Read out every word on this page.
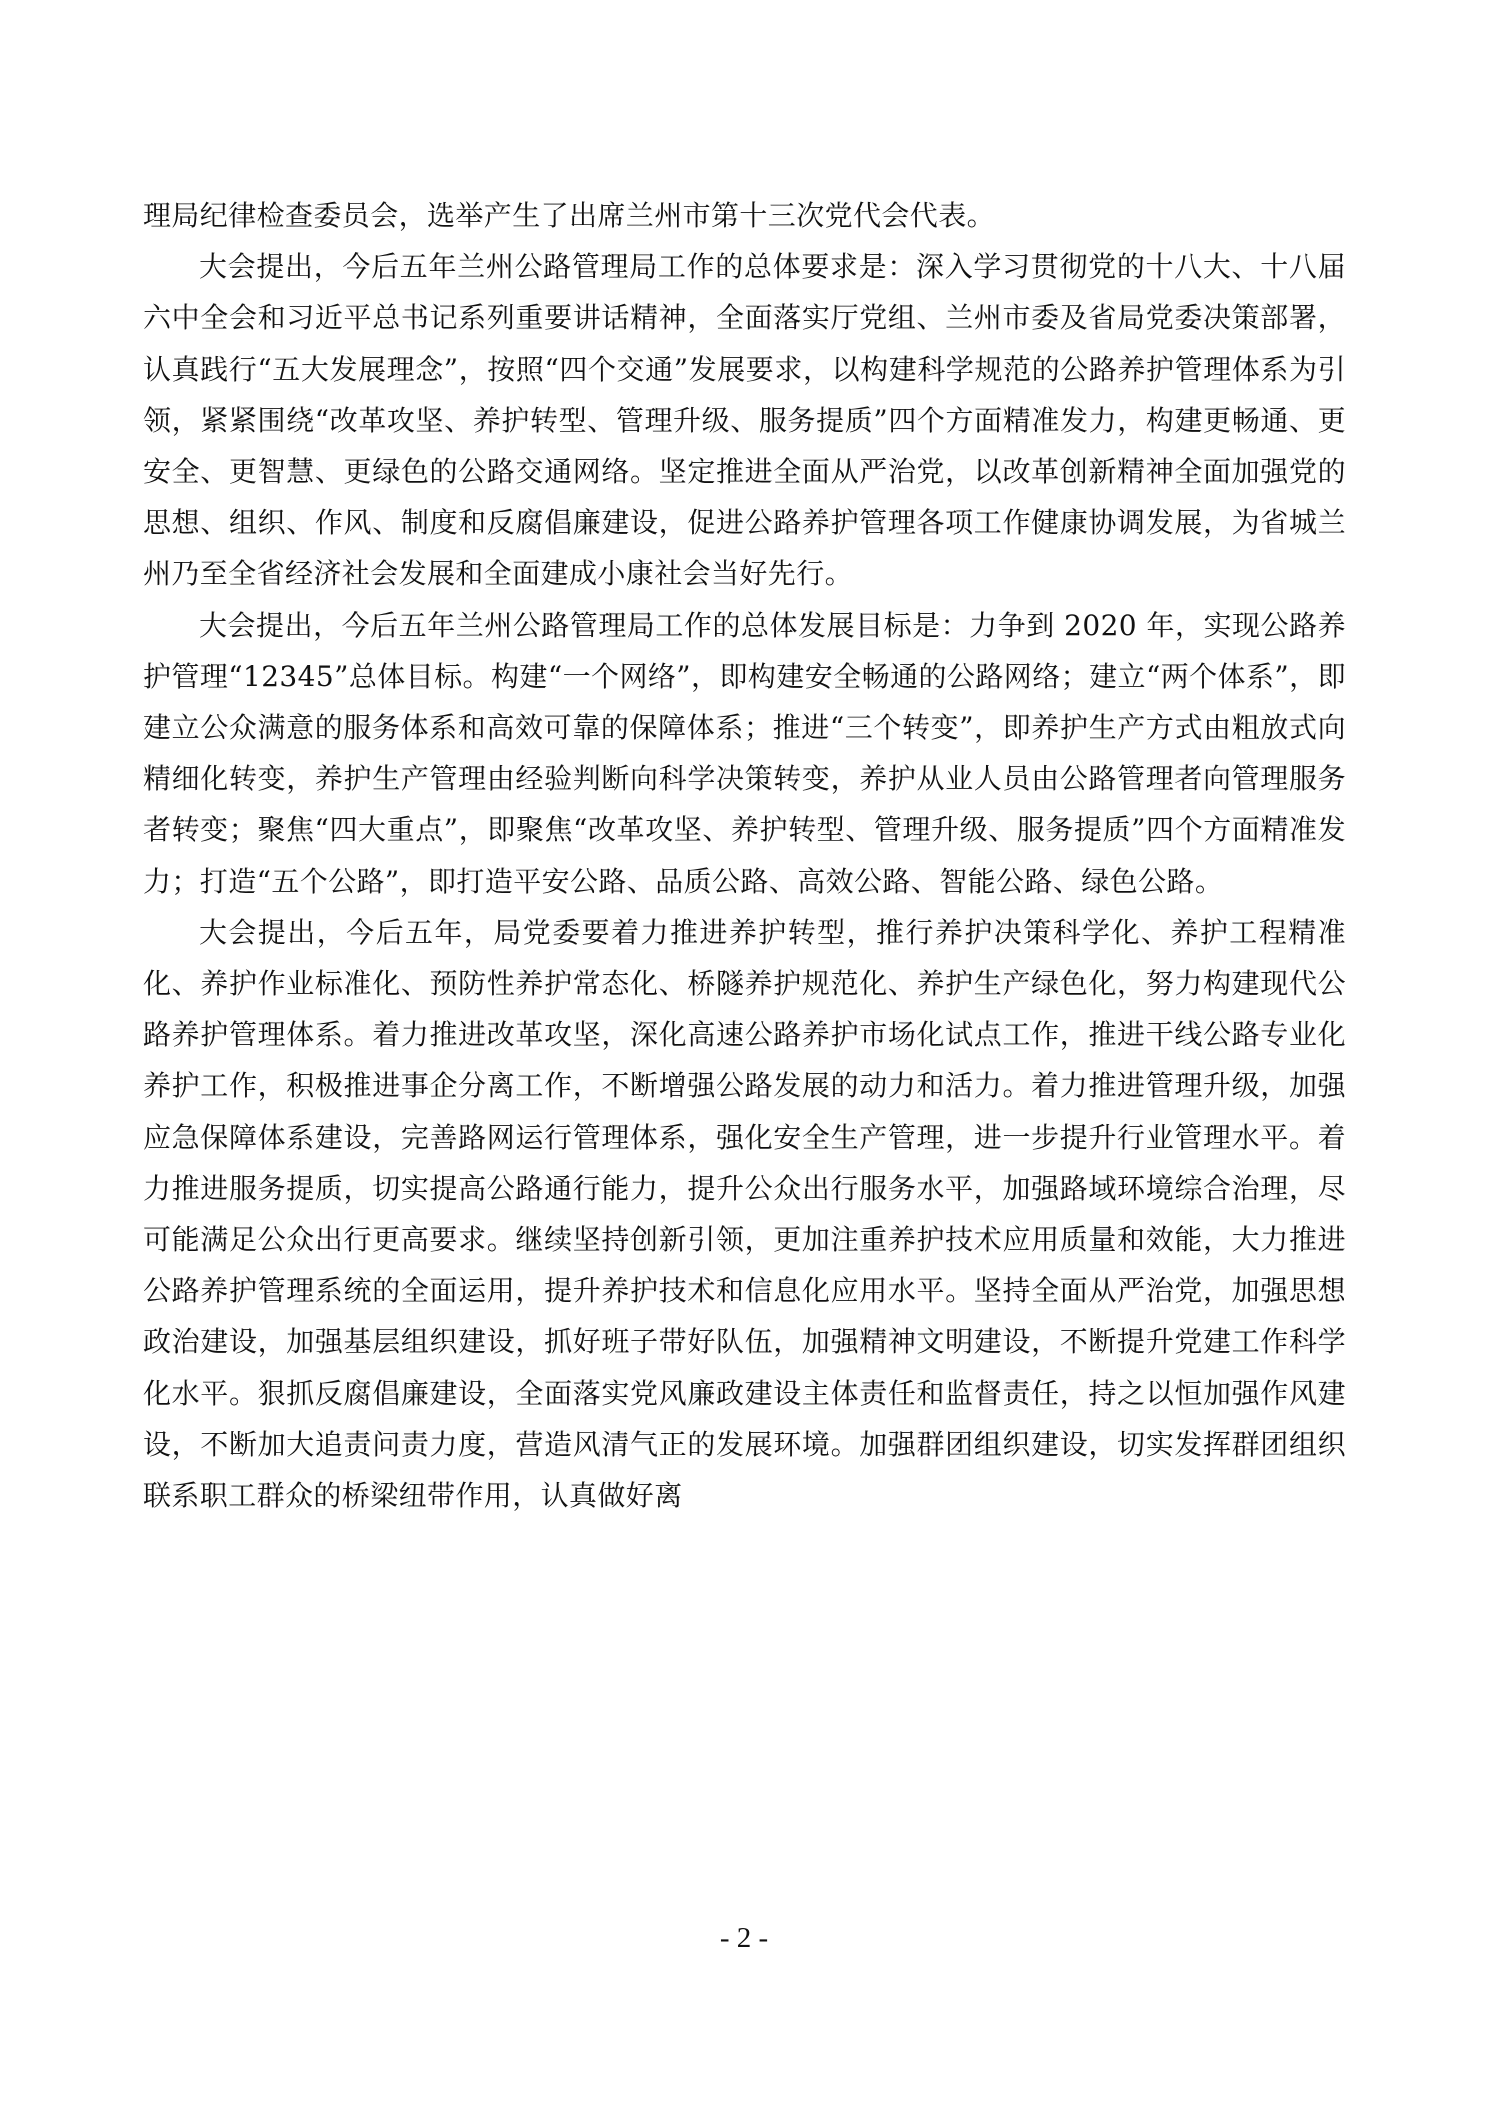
理局纪律检查委员会，选举产生了出席兰州市第十三次党代会代表。

大会提出，今后五年兰州公路管理局工作的总体要求是：深入学习贯彻党的十八大、十八届六中全会和习近平总书记系列重要讲话精神，全面落实厅党组、兰州市委及省局党委决策部署，认真践行“五大发展理念”，按照“四个交通”发展要求，以构建科学规范的公路养护管理体系为引领，紧紧围绕“改革攻坚、养护转型、管理升级、服务提质”四个方面精准发力，构建更畅通、更安全、更智慧、更绿色的公路交通网络。坚定推进全面从严治党，以改革创新精神全面加强党的思想、组织、作风、制度和反腐倡廉建设，促进公路养护管理各项工作健康协调发展，为省城兰州乃至全省经济社会发展和全面建成小康社会当好先行。

大会提出，今后五年兰州公路管理局工作的总体发展目标是：力争到 2020 年，实现公路养护管理“12345”总体目标。构建“一个网络”，即构建安全畅通的公路网络；建立“两个体系”，即建立公众满意的服务体系和高效可靠的保障体系；推进“三个转变”，即养护生产方式由粗放式向精细化转变，养护生产管理由经验判断向科学决策转变，养护从业人员由公路管理者向管理服务者转变；聚焦“四大重点”，即聚焦“改革攻坚、养护转型、管理升级、服务提质”四个方面精准发力；打造“五个公路”，即打造平安公路、品质公路、高效公路、智能公路、绿色公路。

大会提出，今后五年，局党委要着力推进养护转型，推行养护决策科学化、养护工程精准化、养护作业标准化、预防性养护常态化、桥隧养护规范化、养护生产绿色化，努力构建现代公路养护管理体系。着力推进改革攻坚，深化高速公路养护市场化试点工作，推进干线公路专业化养护工作，积极推进事企分离工作，不断增强公路发展的动力和活力。着力推进管理升级，加强应急保障体系建设，完善路网运行管理体系，强化安全生产管理，进一步提升行业管理水平。着力推进服务提质，切实提高公路通行能力，提升公众出行服务水平，加强路域环境综合治理，尽可能满足公众出行更高要求。继续坚持创新引领，更加注重养护技术应用质量和效能，大力推进公路养护管理系统的全面运用，提升养护技术和信息化应用水平。坚持全面从严治党，加强思想政治建设，加强基层组织建设，抓好班子带好队伍，加强精神文明建设，不断提升党建工作科学化水平。狠抓反腐倡廉建设，全面落实党风廉政建设主体责任和监督责任，持之以恒加强作风建设，不断加大追责问责力度，营造风清气正的发展环境。加强群团组织建设，切实发挥群团组织联系职工群众的桥梁纽带作用，认真做好离

- 2 -
